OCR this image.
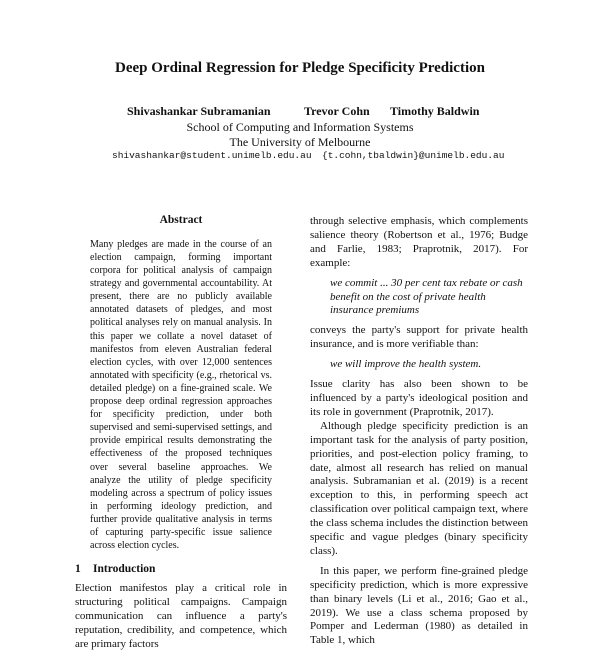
Deep Ordinal Regression for Pledge Specificity Prediction
Shivashankar Subramanian	Trevor Cohn Timothy Baldwin
School of Computing and Information Systems
The University of Melbourne
shivashankar@student.unimelb.edu.au {t.cohn,tbaldwin}@unimelb.edu.au
Abstract

Many pledges are made in the course of an election campaign, forming important corpora for political analysis of campaign strategy and governmental accountability. At present, there are no publicly available annotated datasets of pledges, and most political analyses rely on manual analysis. In this paper we collate a novel dataset of manifestos from eleven Australian federal election cycles, with over 12,000 sentences annotated with specificity (e.g., rhetorical vs. detailed pledge) on a fine-grained scale. We propose deep ordinal regression approaches for specificity prediction, under both supervised and semi-supervised settings, and provide empirical results demonstrating the effectiveness of the proposed techniques over several baseline approaches. We analyze the utility of pledge specificity modeling across a spectrum of policy issues in performing ideology prediction, and further provide qualitative analysis in terms of capturing party-specific issue salience across election cycles.

1 Introduction

Election manifestos play a critical role in structuring political campaigns. Campaign communication can influence a party's reputation, credibility, and competence, which are primary factors

through selective emphasis, which complements salience theory (Robertson et al., 1976; Budge and Farlie, 1983; Praprotnik, 2017). For example:

we commit ... 30 per cent tax rebate or cash benefit on the cost of private health insurance premiums

conveys the party's support for private health insurance, and is more verifiable than:

we will improve the health system.

Issue clarity has also been shown to be influenced by a party's ideological position and its role in government (Praprotnik, 2017).

Although pledge specificity prediction is an important task for the analysis of party position, priorities, and post-election policy framing, to date, almost all research has relied on manual analysis. Subramanian et al. (2019) is a recent exception to this, in performing speech act classification over political campaign text, where the class schema includes the distinction between specific and vague pledges (binary specificity class).

In this paper, we perform fine-grained pledge specificity prediction, which is more expressive than binary levels (Li et al., 2016; Gao et al., 2019). We use a class schema proposed by Pomper and Lederman (1980) as detailed in Table 1, which
